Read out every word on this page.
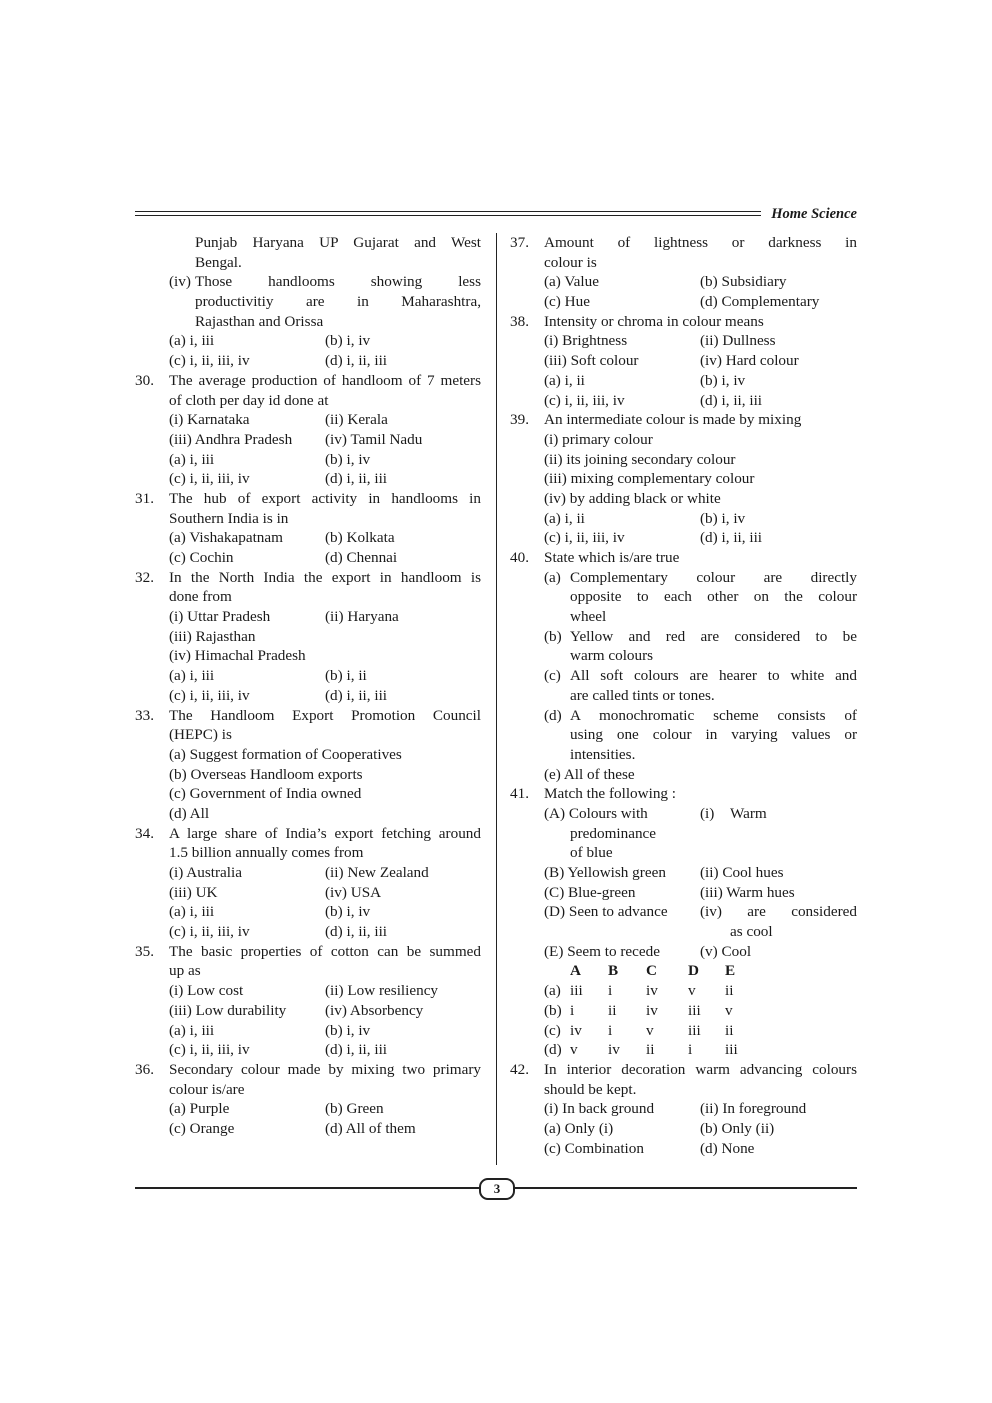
Home Science
Punjab Haryana UP Gujarat and West
Bengal.
(iv) Those handlooms showing less
productivitiy are in Maharashtra,
Rajasthan and Orissa
(a) i, iii	(b) i, iv
(c) i, ii, iii, iv	(d) i, ii, iii
30. The average production of handloom of 7 meters
of cloth per day id done at
(i) Karnataka	(ii) Kerala
(iii) Andhra Pradesh (iv) Tamil Nadu
(a) i, iii	(b) i, iv
(c) i, ii, iii, iv	(d) i, ii, iii
31. The hub of export activity in handlooms in
Southern India is in
(a) Vishakapatnam	(b) Kolkata
(c) Cochin	(d) Chennai
32. In the North India the export in handloom is
done from
(i) Uttar Pradesh	(ii) Haryana
(iii) Rajasthan
(iv) Himachal Pradesh
(a) i, iii	(b) i, ii
(c) i, ii, iii, iv	(d) i, ii, iii
33. The Handloom Export Promotion Council
(HEPC) is
(a) Suggest formation of Cooperatives
(b) Overseas Handloom exports
(c) Government of India owned
(d) All
34. A large share of India’s export fetching around
1.5 billion annually comes from
(i) Australia	(ii) New Zealand
(iii) UK	(iv) USA
(a) i, iii	(b) i, iv
(c) i, ii, iii, iv	(d) i, ii, iii
35. The basic properties of cotton can be summed
up as
(i) Low cost	(ii) Low resiliency
(iii) Low durability	(iv) Absorbency
(a) i, iii	(b) i, iv
(c) i, ii, iii, iv	(d) i, ii, iii
36. Secondary colour made by mixing two primary
colour is/are
(a) Purple	(b) Green
(c) Orange	(d) All of them
37. Amount of lightness or darkness in
colour is
(a) Value	(b) Subsidiary
(c) Hue	(d) Complementary
38. Intensity or chroma in colour means
(i) Brightness	(ii) Dullness
(iii) Soft colour	(iv) Hard colour
(a) i, ii	(b) i, iv
(c) i, ii, iii, iv	(d) i, ii, iii
39. An intermediate colour is made by mixing
(i) primary colour
(ii) its joining secondary colour
(iii) mixing complementary colour
(iv) by adding black or white
(a) i, ii	(b) i, iv
(c) i, ii, iii, iv	(d) i, ii, iii
40. State which is/are true
(a) Complementary colour are directly
opposite to each other on the colour
wheel
(b) Yellow and red are considered to be
warm colours
(c) All soft colours are hearer to white and
are called tints or tones.
(d) A monochromatic scheme consists of
using one colour in varying values or
intensities.
(e) All of these
41. Match the following :
(A) Colours with	(i) Warm
predominance
of blue
(B) Yellowish green (ii) Cool hues
(C) Blue-green	(iii) Warm hues
(D) Seen to advance (iv) are considered
as cool
(E) Seem to recede	(v) Cool
A B C D E
(a) iii i iv v ii
(b) i ii iv iii v
(c) iv i v iii ii
(d) v iv ii i iii
42. In interior decoration warm advancing colours
should be kept.
(i) In back ground	(ii) In foreground
(a) Only (i)	(b) Only (ii)
(c) Combination	(d) None
3
